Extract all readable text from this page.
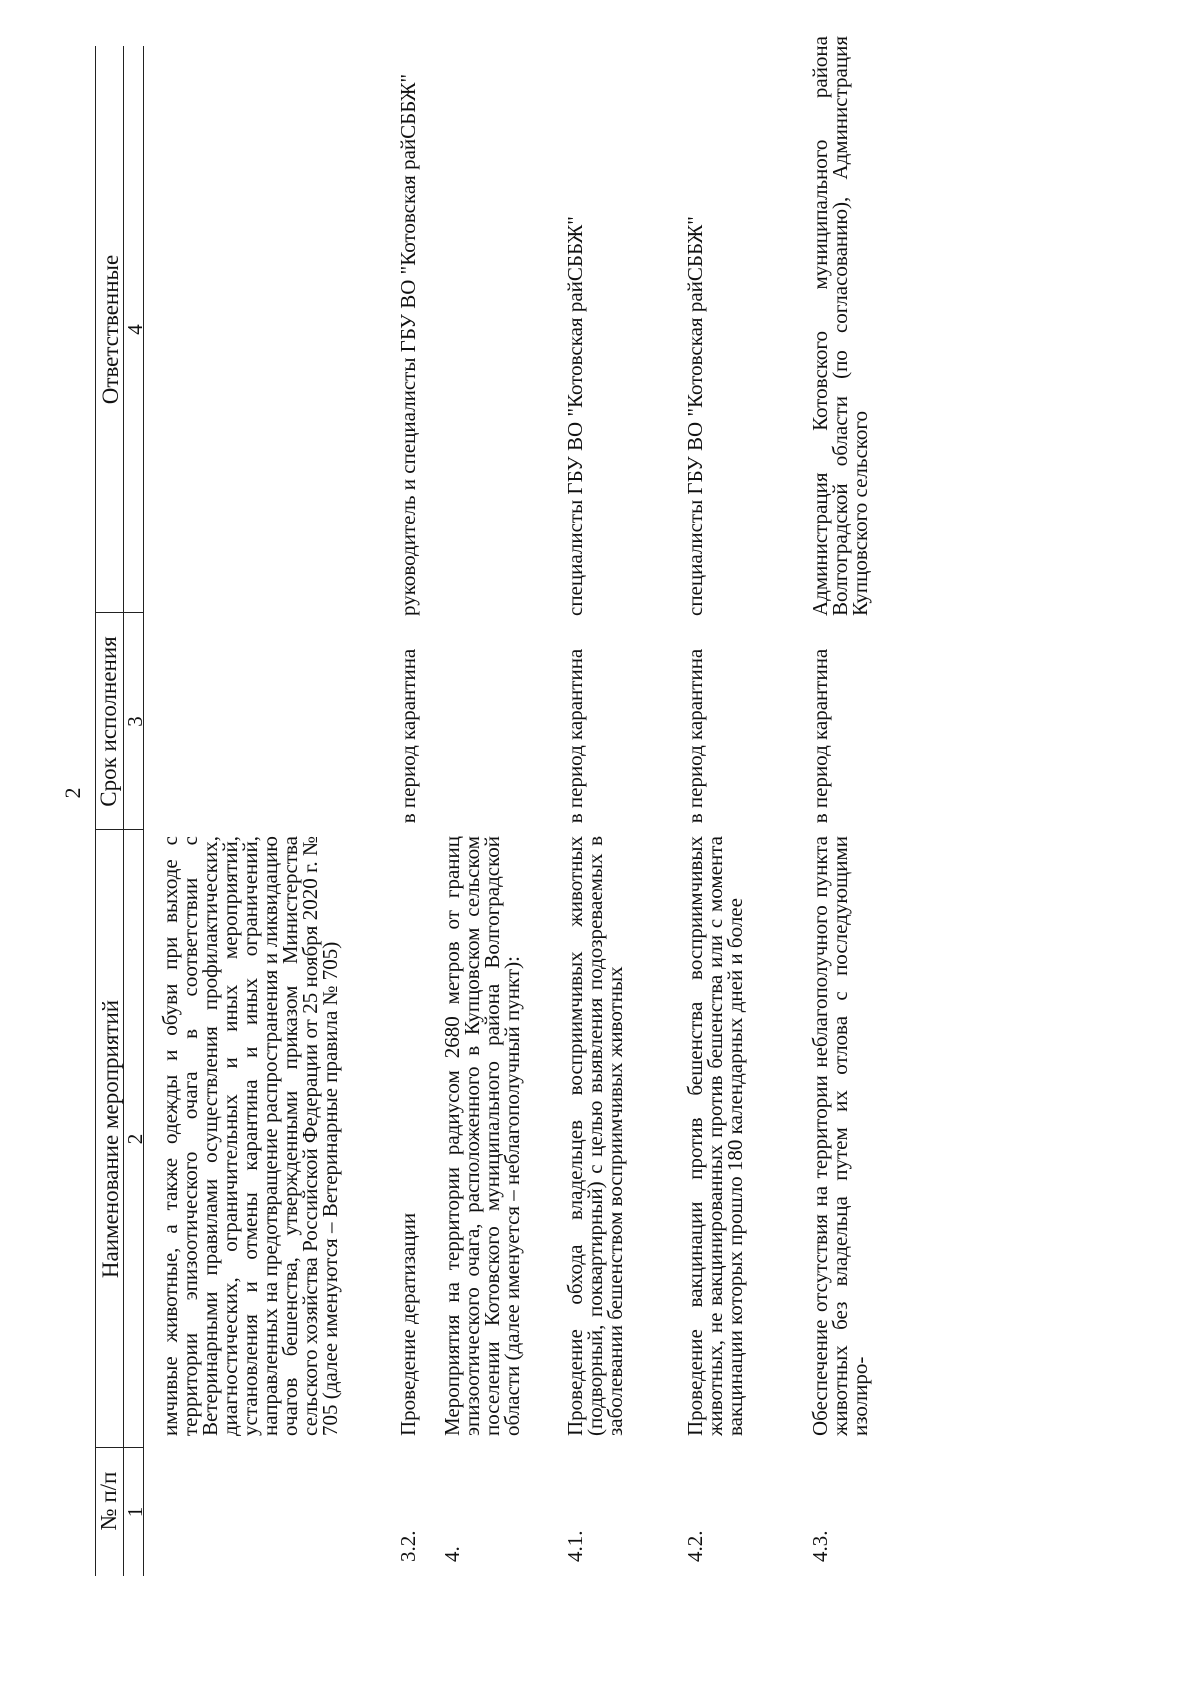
2
№ п/п
Наименование мероприятий
Срок исполнения
Ответственные
1
2
3
4
имчивые животные, а также одежды и обуви при выходе с территории эпизоотического очага в соответствии с Ветеринарными правилами осуществления профилактических, диагностических, ограничительных и иных мероприятий, установления и отмены карантина и иных ограничений, направленных на предотвращение распространения и ликвидацию очагов бешенства, утвержденными приказом Министерства сельского хозяйства Российской Федерации от 25 ноября 2020 г. № 705 (далее именуются – Ветеринарные правила № 705)
3.2.
Проведение дератизации
в период карантина
руководитель и специалисты ГБУ ВО "Котовская райСББЖ"
4.
Мероприятия на территории радиусом 2680 метров от границ эпизоотического очага, расположенного в Купцовском сельском поселении Котовского муниципального района Волгоградской области (далее именуется – неблагополучный пункт):
4.1.
Проведение обхода владельцев восприимчивых животных (подворный, поквартирный) с целью выявления подозреваемых в заболевании бешенством восприимчивых животных
в период карантина
специалисты ГБУ ВО "Котовская райСББЖ"
4.2.
Проведение вакцинации против бешенства восприимчивых животных, не вакцинированных против бешенства или с момента вакцинации которых прошло 180 календарных дней и более
в период карантина
специалисты ГБУ ВО "Котовская райСББЖ"
4.3.
Обеспечение отсутствия на территории неблагополучного пункта животных без владельца путем их отлова с последующими изолиро-
в период карантина
Администрация Котовского муниципального района Волгоградской области (по согласованию), Администрация Купцовского сельского
